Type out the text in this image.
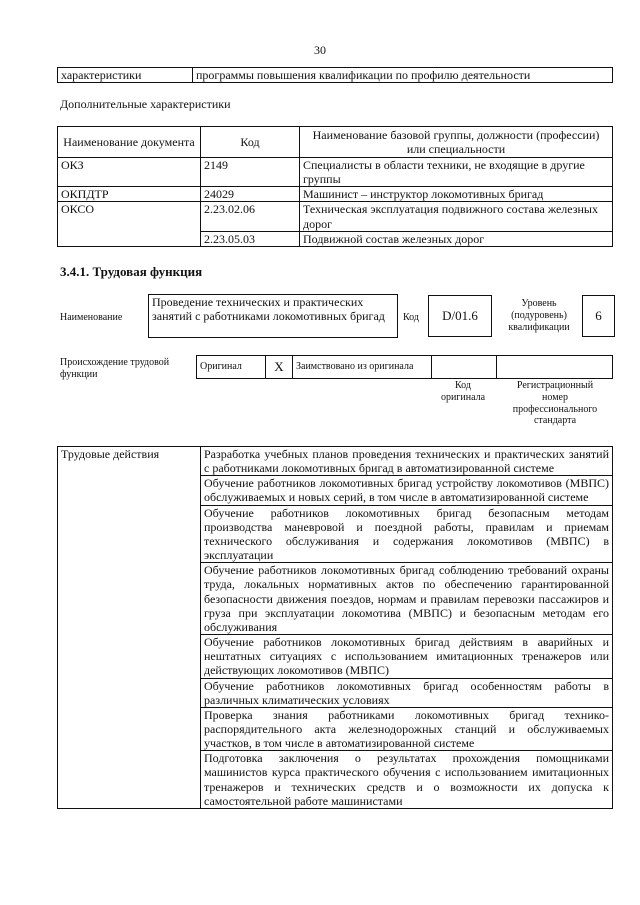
30
характеристики	программы повышения квалификации по профилю деятельности
Дополнительные характеристики
Наименование документа	Код	Наименование базовой группы, должности (профессии) или специальности
ОКЗ	2149	Специалисты в области техники, не входящие в другие группы
ОКПДТР	24029	Машинист – инструктор локомотивных бригад
ОКСО	2.23.02.06	Техническая эксплуатация подвижного состава железных дорог
	2.23.05.03	Подвижной состав железных дорог
3.4.1. Трудовая функция
Наименование
Проведение технических и практических занятий с работниками локомотивных бригад	Код	D/01.6
Уровень (подуровень) квалификации
6
Происхождение трудовой функции
Оригинал	X	Заимствовано из оригинала		
Код оригинала
Регистрационный номер профессионального стандарта
Трудовые действия	Разработка учебных планов проведения технических и практических занятий с работниками локомотивных бригад в автоматизированной системе
Обучение работников локомотивных бригад устройству локомотивов (МВПС) обслуживаемых и новых серий, в том числе в автоматизированной системе
Обучение работников локомотивных бригад безопасным методам производства маневровой и поездной работы, правилам и приемам технического обслуживания и содержания локомотивов (МВПС) в эксплуатации
Обучение работников локомотивных бригад соблюдению требований охраны труда, локальных нормативных актов по обеспечению гарантированной безопасности движения поездов, нормам и правилам перевозки пассажиров и груза при эксплуатации локомотива (МВПС) и безопасным методам его обслуживания
Обучение работников локомотивных бригад действиям в аварийных и нештатных ситуациях с использованием имитационных тренажеров или действующих локомотивов (МВПС)
Обучение работников локомотивных бригад особенностям работы в различных климатических условиях
Проверка знания работниками локомотивных бригад технико-распорядительного акта железнодорожных станций и обслуживаемых участков, в том числе в автоматизированной системе
Подготовка заключения о результатах прохождения помощниками машинистов курса практического обучения с использованием имитационных тренажеров и технических средств и о возможности их допуска к самостоятельной работе машинистами
